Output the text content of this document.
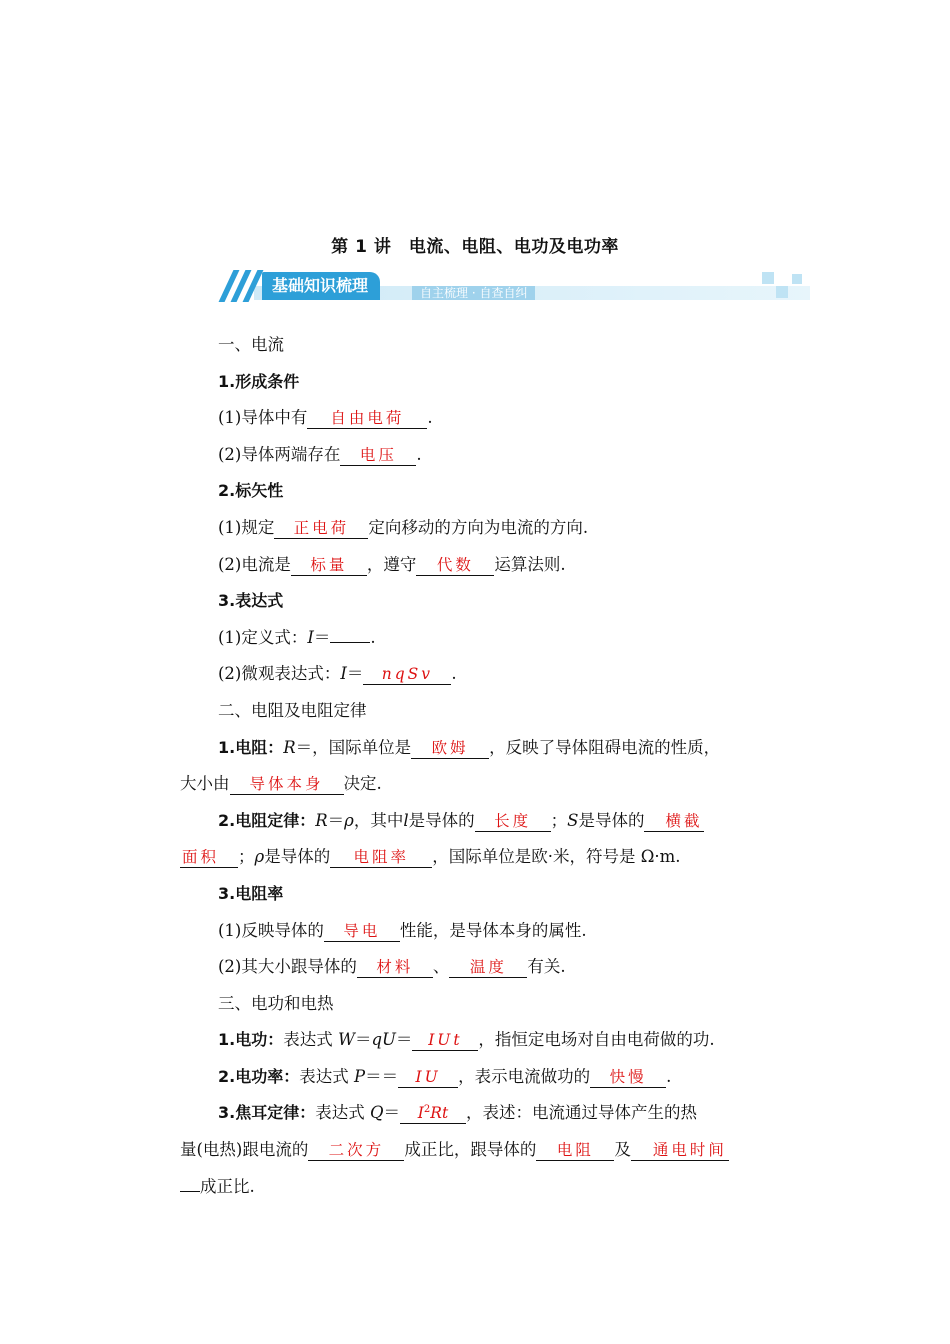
第 1 讲　电流、电阻、电功及电功率
基础知识梳理	自主梳理 · 自查自纠
一、电流
1.形成条件
(1)导体中有 自由电荷 .
(2)导体两端存在 电压 .
2.标矢性
(1)规定 正电荷 定向移动的方向为电流的方向.
(2)电流是 标量 ，遵守 代数 运算法则.
3.表达式
(1)定义式：I＝ .
(2)微观表达式：I＝ nqSv .
二、电阻及电阻定律
1.电阻：R＝，国际单位是 欧姆 ，反映了导体阻碍电流的性质，
大小由 导体本身 决定.
2.电阻定律：R＝ρ，其中l是导体的 长度 ；S是导体的 横截
面积 ；ρ是导体的 电阻率 ，国际单位是欧·米，符号是 Ω·m.
3.电阻率
(1)反映导体的 导电 性能，是导体本身的属性.
(2)其大小跟导体的 材料 、 温度 有关.
三、电功和电热
1.电功：表达式 W＝qU＝ IUt ，指恒定电场对自由电荷做的功.
2.电功率：表达式 P＝＝ IU ，表示电流做功的 快慢 .
3.焦耳定律：表达式 $Q= I^2Rt$ ，表述：电流通过导体产生的热
量(电热)跟电流的 二次方 成正比，跟导体的 电阻 及 通电时间
成正比.
